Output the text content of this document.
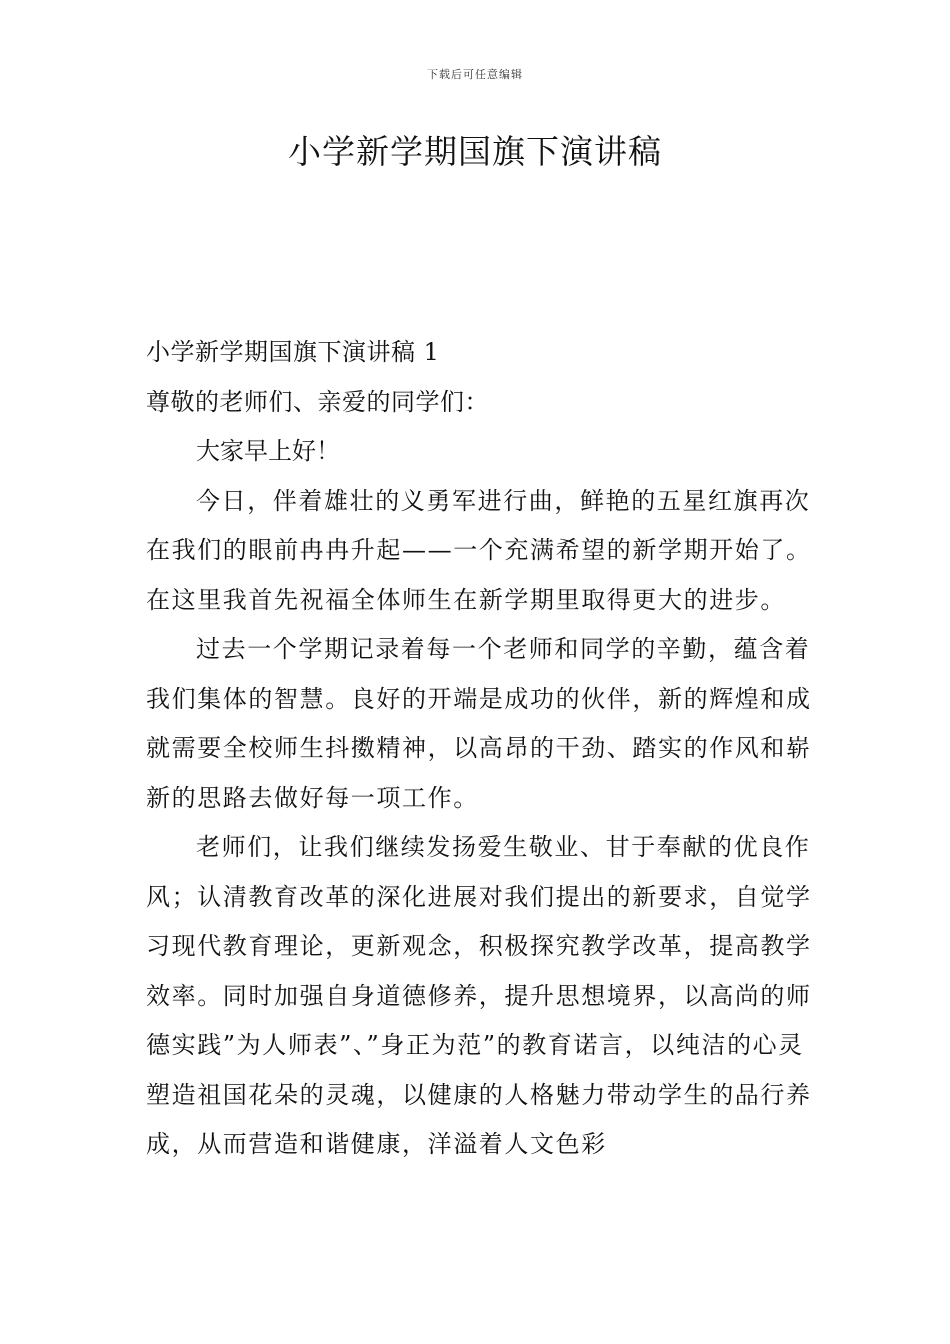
下载后可任意编辑
小学新学期国旗下演讲稿

小学新学期国旗下演讲稿 1

尊敬的老师们、亲爱的同学们：

大家早上好！

今日，伴着雄壮的义勇军进行曲，鲜艳的五星红旗再次在我们的眼前冉冉升起——一个充满希望的新学期开始了。在这里我首先祝福全体师生在新学期里取得更大的进步。

过去一个学期记录着每一个老师和同学的辛勤，蕴含着我们集体的智慧。良好的开端是成功的伙伴，新的辉煌和成就需要全校师生抖擞精神，以高昂的干劲、踏实的作风和崭新的思路去做好每一项工作。

老师们，让我们继续发扬爱生敬业、甘于奉献的优良作风；认清教育改革的深化进展对我们提出的新要求，自觉学习现代教育理论，更新观念，积极探究教学改革，提高教学效率。同时加强自身道德修养，提升思想境界，以高尚的师德实践”为人师表”、”身正为范”的教育诺言，以纯洁的心灵塑造祖国花朵的灵魂，以健康的人格魅力带动学生的品行养成，从而营造和谐健康，洋溢着人文色彩
